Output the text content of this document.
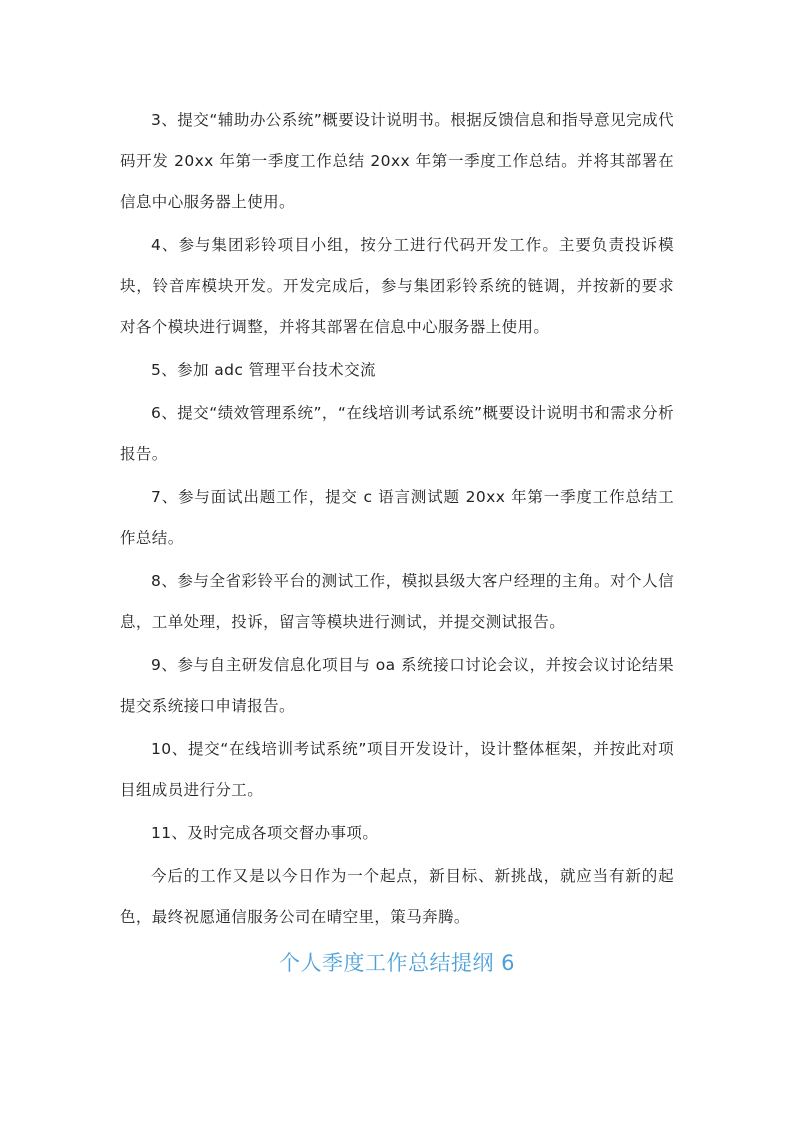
3、提交“辅助办公系统”概要设计说明书。根据反馈信息和指导意见完成代码开发 20xx 年第一季度工作总结 20xx 年第一季度工作总结。并将其部署在信息中心服务器上使用。

4、参与集团彩铃项目小组，按分工进行代码开发工作。主要负责投诉模块，铃音库模块开发。开发完成后，参与集团彩铃系统的链调，并按新的要求对各个模块进行调整，并将其部署在信息中心服务器上使用。

5、参加 adc 管理平台技术交流

6、提交“绩效管理系统”，“在线培训考试系统”概要设计说明书和需求分析报告。

7、参与面试出题工作，提交 c 语言测试题 20xx 年第一季度工作总结工作总结。

8、参与全省彩铃平台的测试工作，模拟县级大客户经理的主角。对个人信息，工单处理，投诉，留言等模块进行测试，并提交测试报告。

9、参与自主研发信息化项目与 oa 系统接口讨论会议，并按会议讨论结果提交系统接口申请报告。

10、提交“在线培训考试系统”项目开发设计，设计整体框架，并按此对项目组成员进行分工。

11、及时完成各项交督办事项。

今后的工作又是以今日作为一个起点，新目标、新挑战，就应当有新的起色，最终祝愿通信服务公司在晴空里，策马奔腾。

个人季度工作总结提纲 6
